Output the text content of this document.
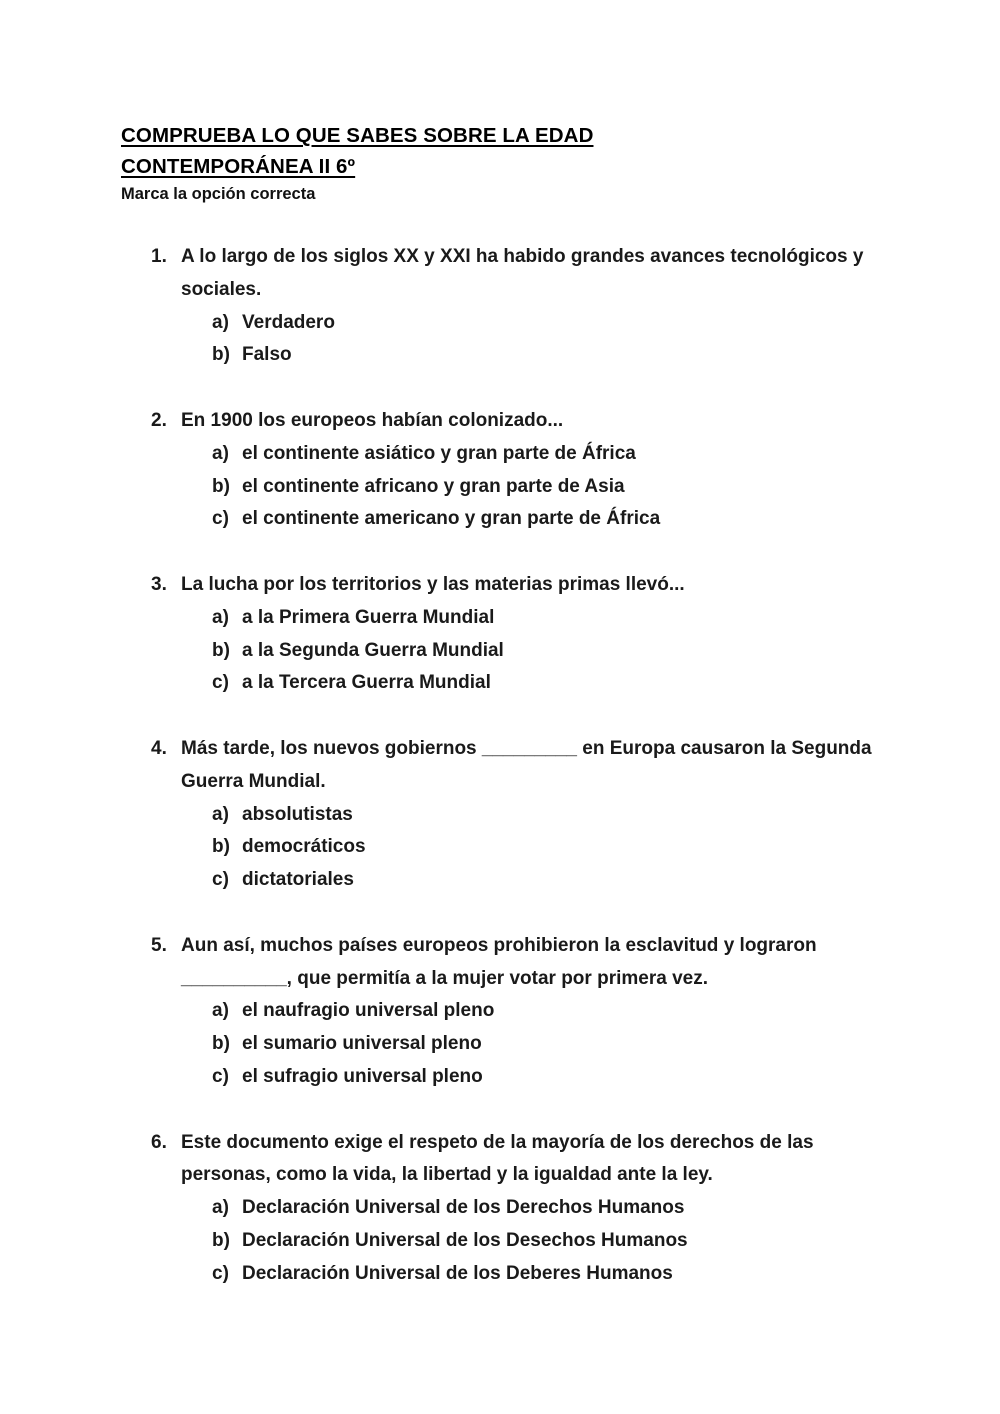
COMPRUEBA LO QUE SABES SOBRE LA EDAD
CONTEMPORÁNEA II 6º

Marca la opción correcta

1. A lo largo de los siglos XX y XXI ha habido grandes avances tecnológicos y sociales.
a) Verdadero
b) Falso
2. En 1900 los europeos habían colonizado...
a) el continente asiático y gran parte de África
b) el continente africano y gran parte de Asia
c) el continente americano y gran parte de África
3. La lucha por los territorios y las materias primas llevó...
a) a la Primera Guerra Mundial
b) a la Segunda Guerra Mundial
c) a la Tercera Guerra Mundial
4. Más tarde, los nuevos gobiernos _________ en Europa causaron la Segunda Guerra Mundial.
a) absolutistas
b) democráticos
c) dictatoriales
5. Aun así, muchos países europeos prohibieron la esclavitud y lograron __________, que permitía a la mujer votar por primera vez.
a) el naufragio universal pleno
b) el sumario universal pleno
c) el sufragio universal pleno
6. Este documento exige el respeto de la mayoría de los derechos de las personas, como la vida, la libertad y la igualdad ante la ley.
a) Declaración Universal de los Derechos Humanos
b) Declaración Universal de los Desechos Humanos
c) Declaración Universal de los Deberes Humanos
